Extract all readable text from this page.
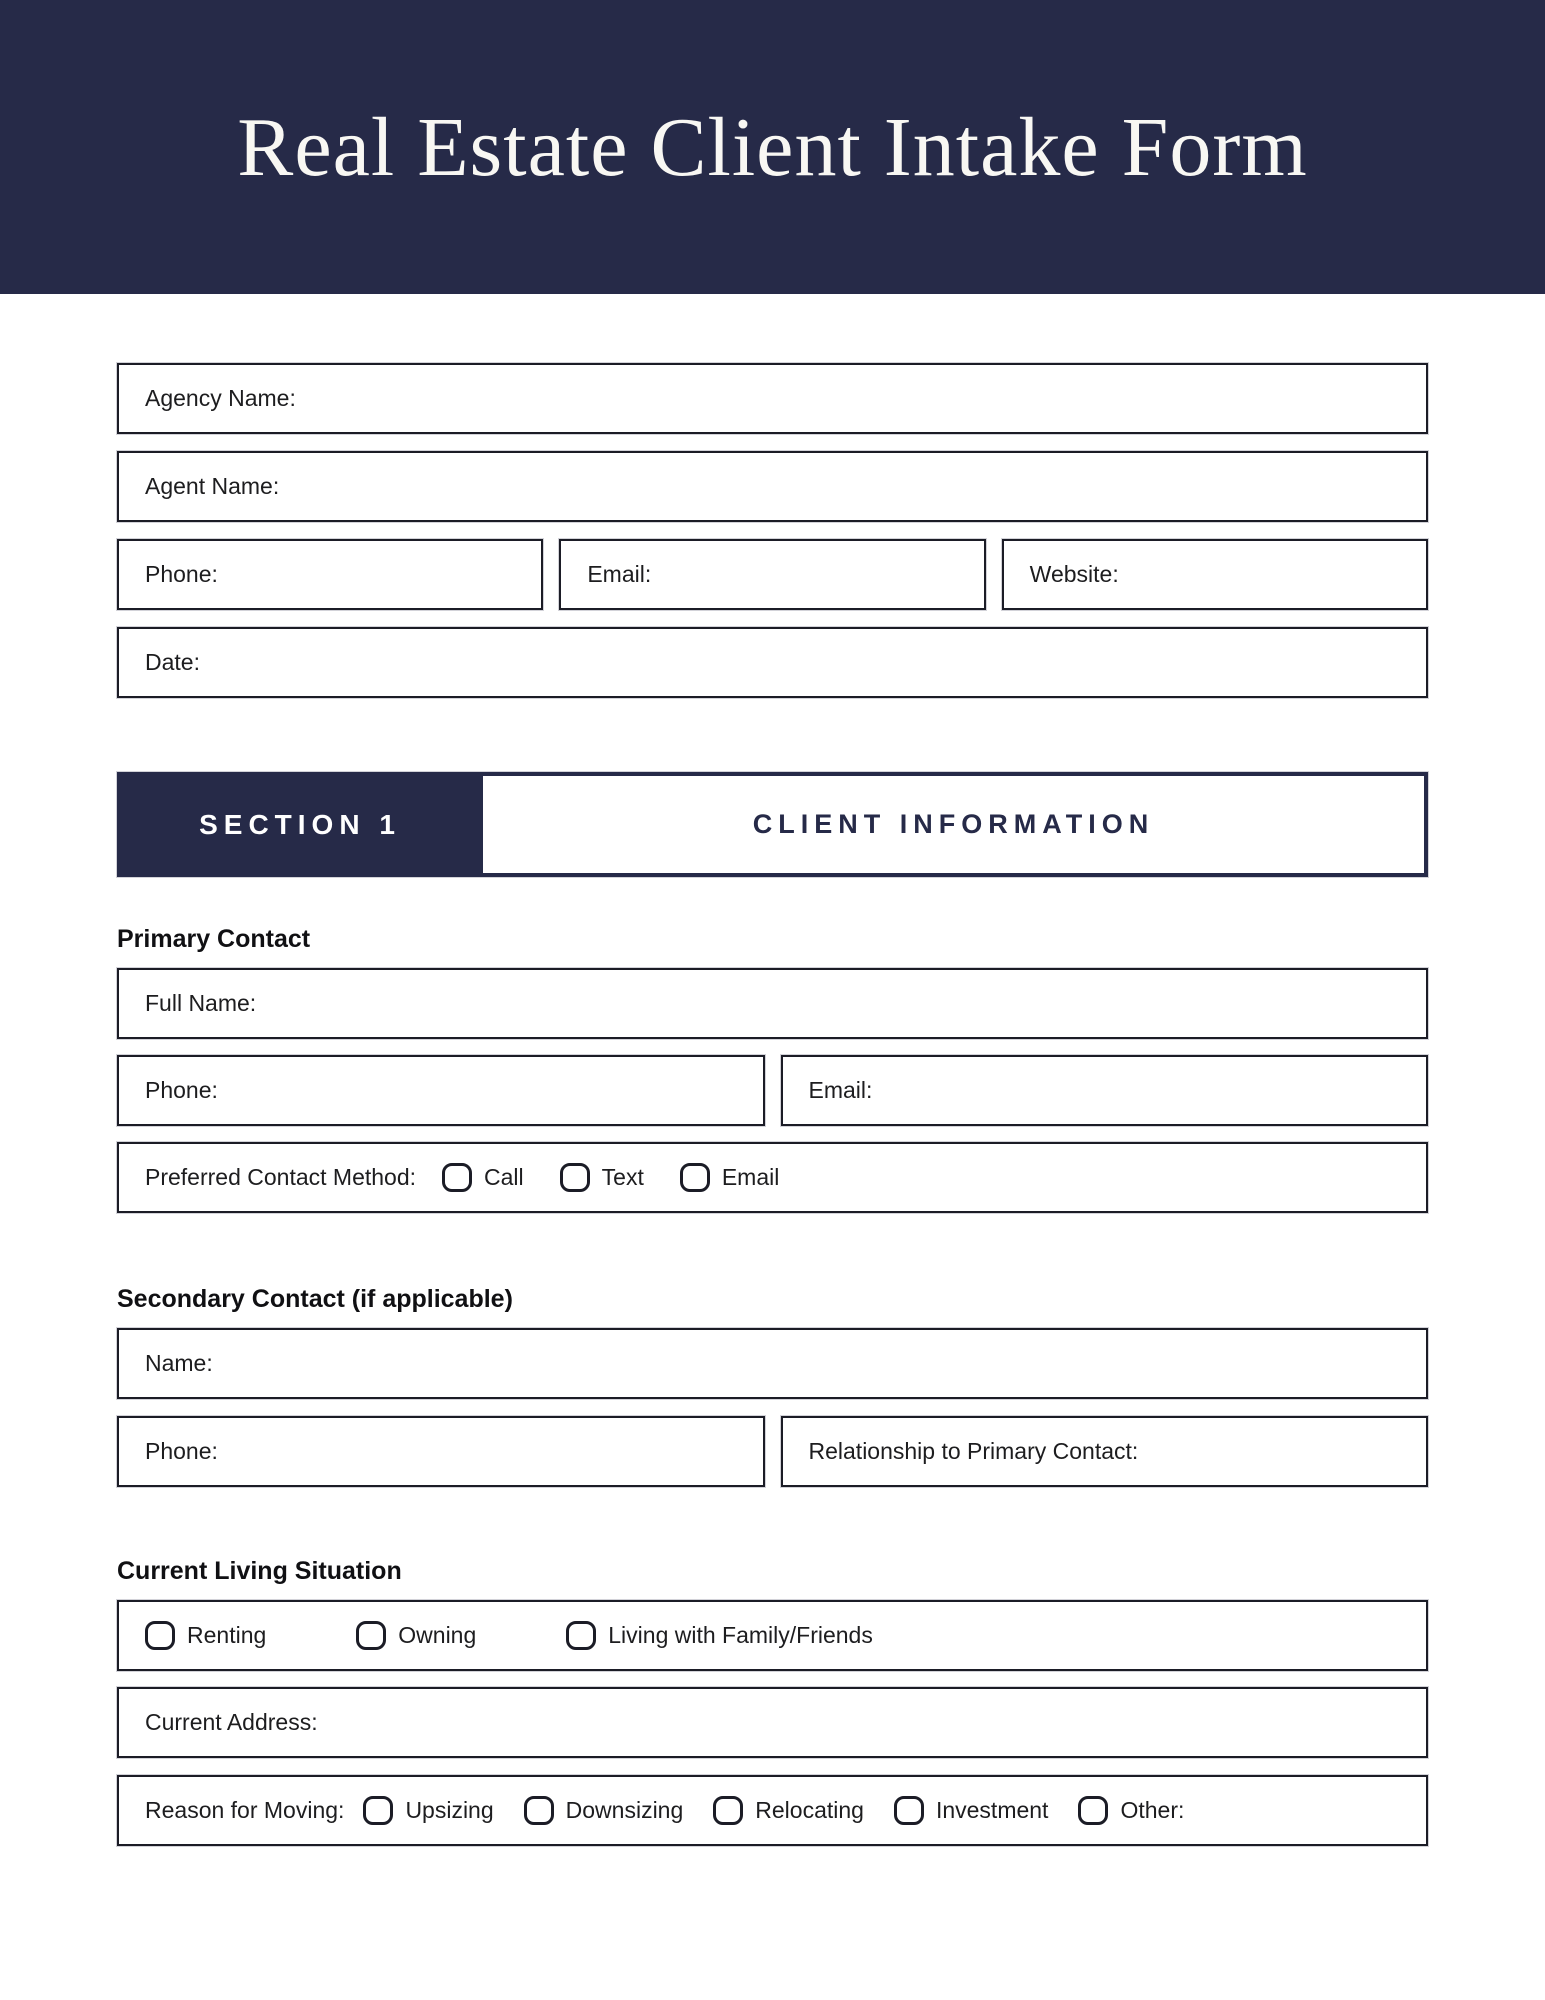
Real Estate Client Intake Form
Agency Name:
Agent Name:
Phone:	Email:	Website:
Date:
SECTION 1	CLIENT INFORMATION
Primary Contact
Full Name:
Phone:	Email:
Preferred Contact Method:	Call	Text	Email
Secondary Contact (if applicable)
Name:
Phone:	Relationship to Primary Contact:
Current Living Situation
Renting	Owning	Living with Family/Friends
Current Address:
Reason for Moving:	Upsizing	Downsizing	Relocating	Investment	Other:
